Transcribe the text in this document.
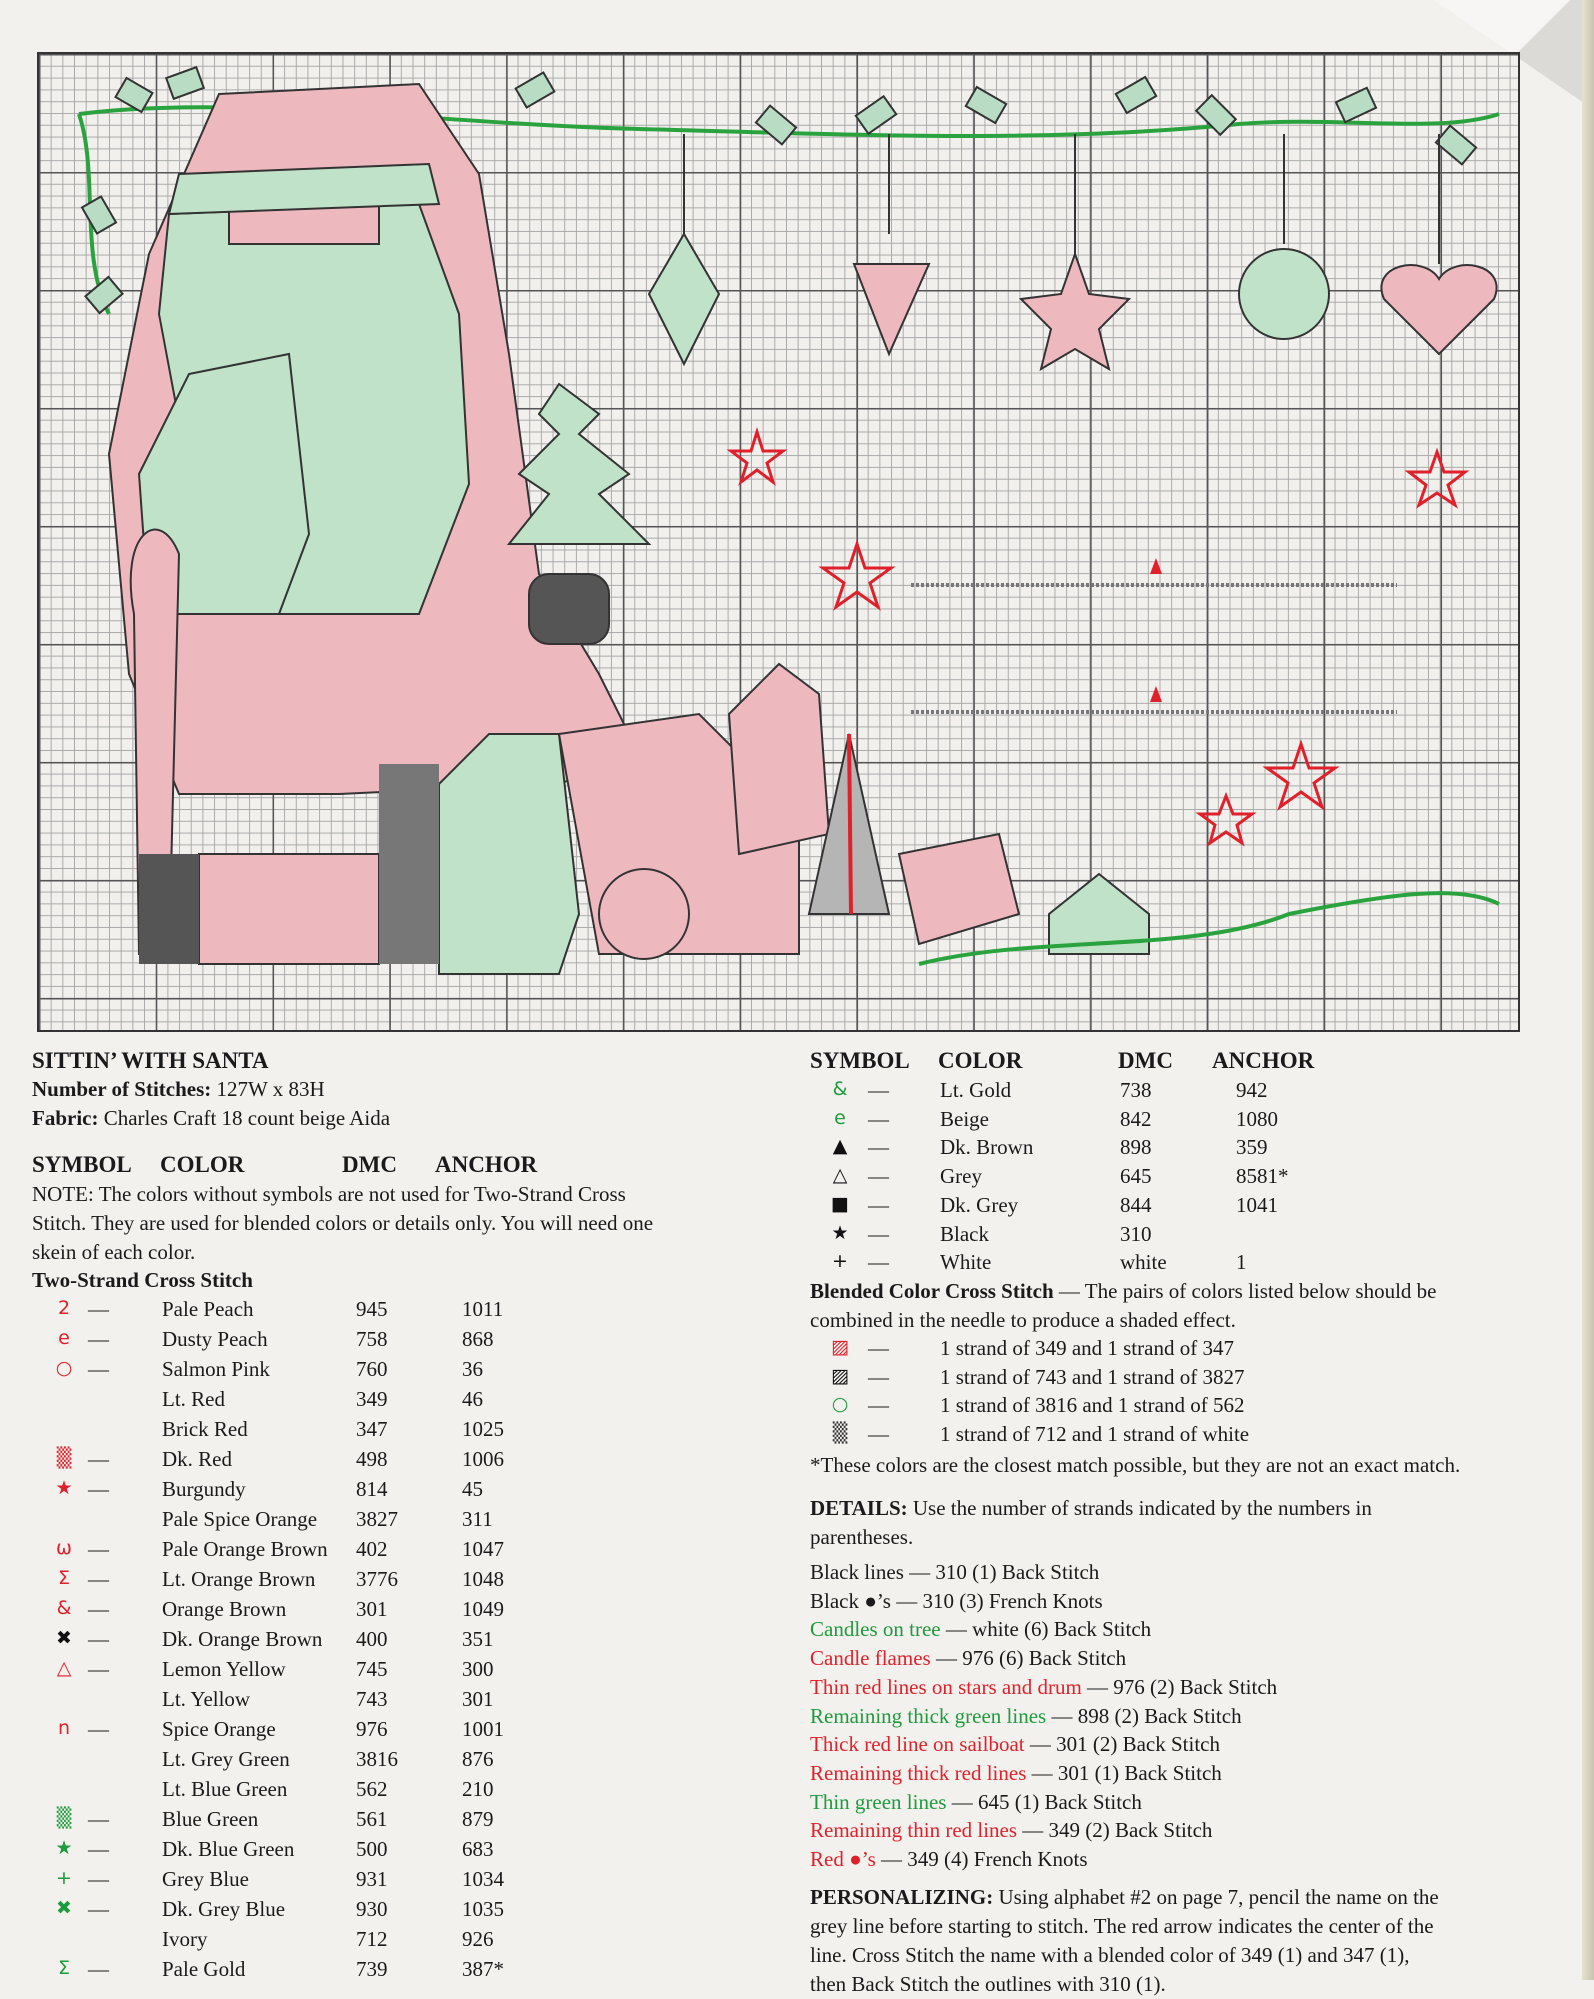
SITTIN’ WITH SANTA
Number of Stitches: 127W x 83H
Fabric: Charles Craft 18 count beige Aida
SYMBOL COLOR	DMC ANCHOR
NOTE: The colors without symbols are not used for Two-Strand Cross
Stitch. They are used for blended colors or details only. You will need one
skein of each color.
Two-Strand Cross Stitch
2 —	Pale Peach	945	1011
e —	Dusty Peach	758	868
○ —	Salmon Pink	760	36
Lt. Red	349	46
Brick Red	347	1025
▒ —	Dk. Red	498	1006
★ —	Burgundy	814	45
Pale Spice Orange 3827	311
ω —	Pale Orange Brown 402	1047
Σ —	Lt. Orange Brown 3776	1048
& —	Orange Brown	301	1049
✖ —	Dk. Orange Brown 400	351
△ —	Lemon Yellow	745	300
Lt. Yellow	743	301
n —	Spice Orange	976	1001
Lt. Grey Green	3816	876
Lt. Blue Green	562	210
▒ —	Blue Green	561	879
★ —	Dk. Blue Green	500	683
+ —	Grey Blue	931	1034
✖ —	Dk. Grey Blue	930	1035
Ivory	712	926
Σ —	Pale Gold	739	387*
SYMBOL COLOR	DMC ANCHOR
& — Lt. Gold	738	942
e — Beige	842	1080
▲ — Dk. Brown	898	359
△ — Grey	645	8581*
■ — Dk. Grey	844	1041
★ — Black	310
+ — White	white	1
Blended Color Cross Stitch — The pairs of colors listed below should be
combined in the needle to produce a shaded effect.
▨ — 1 strand of 349 and 1 strand of 347
▨ — 1 strand of 743 and 1 strand of 3827
○ — 1 strand of 3816 and 1 strand of 562
▒ — 1 strand of 712 and 1 strand of white
*These colors are the closest match possible, but they are not an exact match.
DETAILS: Use the number of strands indicated by the numbers in
parentheses.
Black lines — 310 (1) Back Stitch
Black ●’s — 310 (3) French Knots
Candles on tree — white (6) Back Stitch
Candle flames — 976 (6) Back Stitch
Thin red lines on stars and drum — 976 (2) Back Stitch
Remaining thick green lines — 898 (2) Back Stitch
Thick red line on sailboat — 301 (2) Back Stitch
Remaining thick red lines — 301 (1) Back Stitch
Thin green lines — 645 (1) Back Stitch
Remaining thin red lines — 349 (2) Back Stitch
Red ●’s — 349 (4) French Knots
PERSONALIZING: Using alphabet #2 on page 7, pencil the name on the
grey line before starting to stitch. The red arrow indicates the center of the
line. Cross Stitch the name with a blended color of 349 (1) and 347 (1),
then Back Stitch the outlines with 310 (1).
